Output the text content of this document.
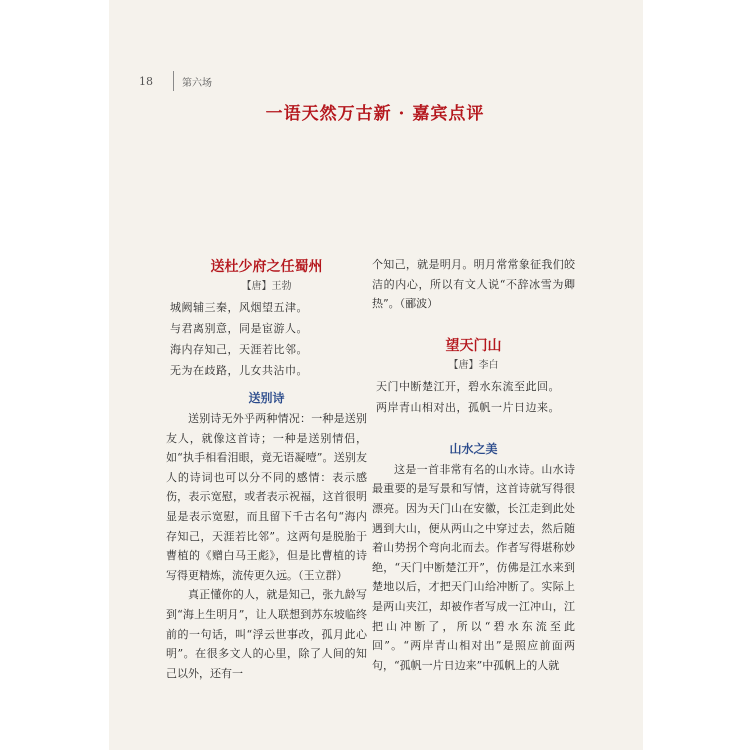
18	第六场
一语天然万古新 · 嘉宾点评
送杜少府之任蜀州
【唐】王勃
城阙辅三秦，风烟望五津。
与君离别意，同是宦游人。
海内存知己，天涯若比邻。
无为在歧路，儿女共沾巾。
送别诗

送别诗无外乎两种情况：一种是送别友人，就像这首诗；一种是送别情侣，如“执手相看泪眼，竟无语凝噎”。送别友人的诗词也可以分不同的感情：表示感伤，表示宽慰，或者表示祝福，这首很明显是表示宽慰，而且留下千古名句“海内存知己，天涯若比邻”。这两句是脱胎于曹植的《赠白马王彪》，但是比曹植的诗写得更精炼，流传更久远。（王立群）

真正懂你的人，就是知己，张九龄写到“海上生明月”，让人联想到苏东坡临终前的一句话，叫“浮云世事改，孤月此心明”。在很多文人的心里，除了人间的知己以外，还有一

个知己，就是明月。明月常常象征我们皎洁的内心，所以有文人说“不辞冰雪为卿热”。（郦波）

望天门山
【唐】李白
天门中断楚江开，碧水东流至此回。
两岸青山相对出，孤帆一片日边来。
山水之美

这是一首非常有名的山水诗。山水诗最重要的是写景和写情，这首诗就写得很漂亮。因为天门山在安徽，长江走到此处遇到大山，便从两山之中穿过去，然后随着山势拐个弯向北而去。作者写得堪称妙绝，“天门中断楚江开”，仿佛是江水来到楚地以后，才把天门山给冲断了。实际上是两山夹江，却被作者写成一江冲山，江把山冲断了，所以“碧水东流至此回”。“两岸青山相对出”是照应前面两句，“孤帆一片日边来”中孤帆上的人就
